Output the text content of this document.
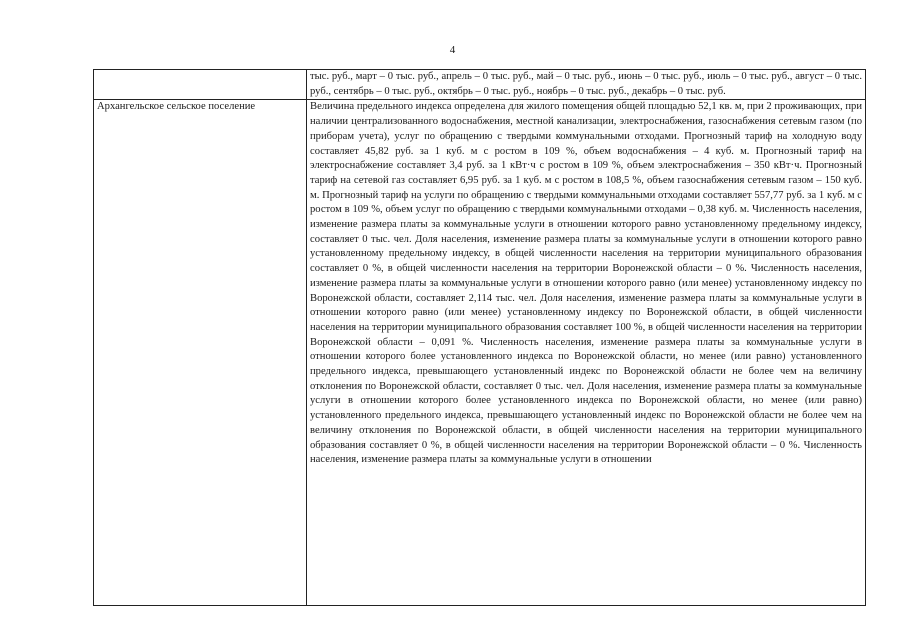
4
	тыс. руб., март – 0 тыс. руб., апрель – 0 тыс. руб., май – 0 тыс. руб., июнь – 0 тыс. руб., июль – 0 тыс. руб., август – 0 тыс. руб., сентябрь – 0 тыс. руб., октябрь – 0 тыс. руб., ноябрь – 0 тыс. руб., декабрь – 0 тыс. руб.
Архангельское сельское поселение	Величина предельного индекса определена для жилого помещения общей площадью 52,1 кв. м, при 2 проживающих, при наличии централизованного водоснабжения, местной канализации, электроснабжения, газоснабжения сетевым газом (по приборам учета), услуг по обращению с твердыми коммунальными отходами. Прогнозный тариф на холодную воду составляет 45,82 руб. за 1 куб. м с ростом в 109 %, объем водоснабжения – 4 куб. м. Прогнозный тариф на электроснабжение составляет 3,4 руб. за 1 кВт·ч с ростом в 109 %, объем электроснабжения – 350 кВт·ч. Прогнозный тариф на сетевой газ составляет 6,95 руб. за 1 куб. м с ростом в 108,5 %, объем газоснабжения сетевым газом – 150 куб. м. Прогнозный тариф на услуги по обращению с твердыми коммунальными отходами составляет 557,77 руб. за 1 куб. м с ростом в 109 %, объем услуг по обращению с твердыми коммунальными отходами – 0,38 куб. м. Численность населения, изменение размера платы за коммунальные услуги в отношении которого равно установленному предельному индексу, составляет 0 тыс. чел. Доля населения, изменение размера платы за коммунальные услуги в отношении которого равно установленному предельному индексу, в общей численности населения на территории муниципального образования составляет 0 %, в общей численности населения на территории Воронежской области – 0 %. Численность населения, изменение размера платы за коммунальные услуги в отношении которого равно (или менее) установленному индексу по Воронежской области, составляет 2,114 тыс. чел. Доля населения, изменение размера платы за коммунальные услуги в отношении которого равно (или менее) установленному индексу по Воронежской области, в общей численности населения на территории муниципального образования составляет 100 %, в общей численности населения на территории Воронежской области – 0,091 %. Численность населения, изменение размера платы за коммунальные услуги в отношении которого более установленного индекса по Воронежской области, но менее (или равно) установленного предельного индекса, превышающего установленный индекс по Воронежской области не более чем на величину отклонения по Воронежской области, составляет 0 тыс. чел. Доля населения, изменение размера платы за коммунальные услуги в отношении которого более установленного индекса по Воронежской области, но менее (или равно) установленного предельного индекса, превышающего установленный индекс по Воронежской области не более чем на величину отклонения по Воронежской области, в общей численности населения на территории муниципального образования составляет 0 %, в общей численности населения на территории Воронежской области – 0 %. Численность населения, изменение размера платы за коммунальные услуги в отношении
